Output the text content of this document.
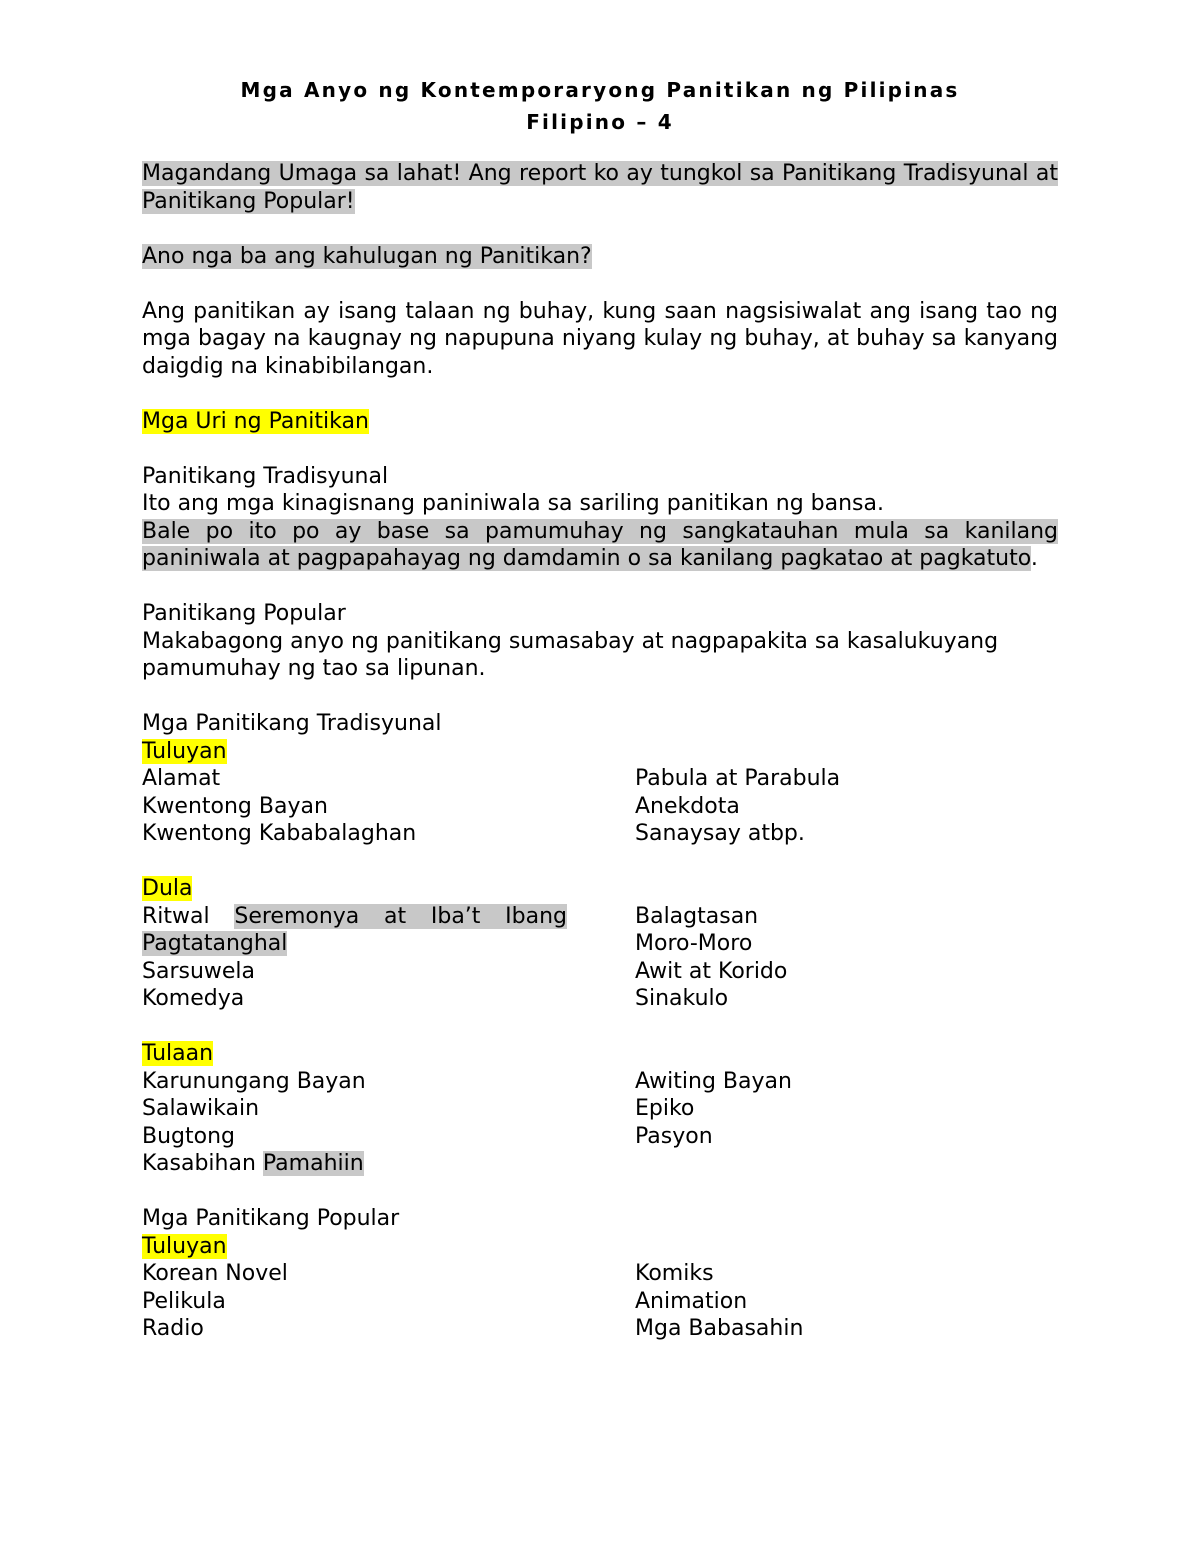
Mga Anyo ng Kontemporaryong Panitikan ng Pilipinas
Filipino – 4

Magandang Umaga sa lahat! Ang report ko ay tungkol sa Panitikang Tradisyunal at Panitikang Popular!

Ano nga ba ang kahulugan ng Panitikan?

Ang panitikan ay isang talaan ng buhay, kung saan nagsisiwalat ang isang tao ng mga bagay na kaugnay ng napupuna niyang kulay ng buhay, at buhay sa kanyang daigdig na kinabibilangan.

Mga Uri ng Panitikan

Panitikang Tradisyunal

Ito ang mga kinagisnang paniniwala sa sariling panitikan ng bansa.

Bale po ito po ay base sa pamumuhay ng sangkatauhan mula sa kanilang paniniwala at pagpapahayag ng damdamin o sa kanilang pagkatao at pagkatuto.

Panitikang Popular

Makabagong anyo ng panitikang sumasabay at nagpapakita sa kasalukuyang pamumuhay ng tao sa lipunan.

Mga Panitikang Tradisyunal

Tuluyan

Alamat

Kwentong Bayan

Kwentong Kababalaghan

Pabula at Parabula

Anekdota

Sanaysay atbp.

Dula

Ritwal Seremonya at Iba’t Ibang Pagtatanghal

Sarsuwela

Komedya

Balagtasan

Moro-Moro

Awit at Korido

Sinakulo

Tulaan

Karunungang Bayan

Salawikain

Bugtong

Kasabihan Pamahiin

Awiting Bayan

Epiko

Pasyon

Mga Panitikang Popular

Tuluyan

Korean Novel

Pelikula

Radio

Komiks

Animation

Mga Babasahin
